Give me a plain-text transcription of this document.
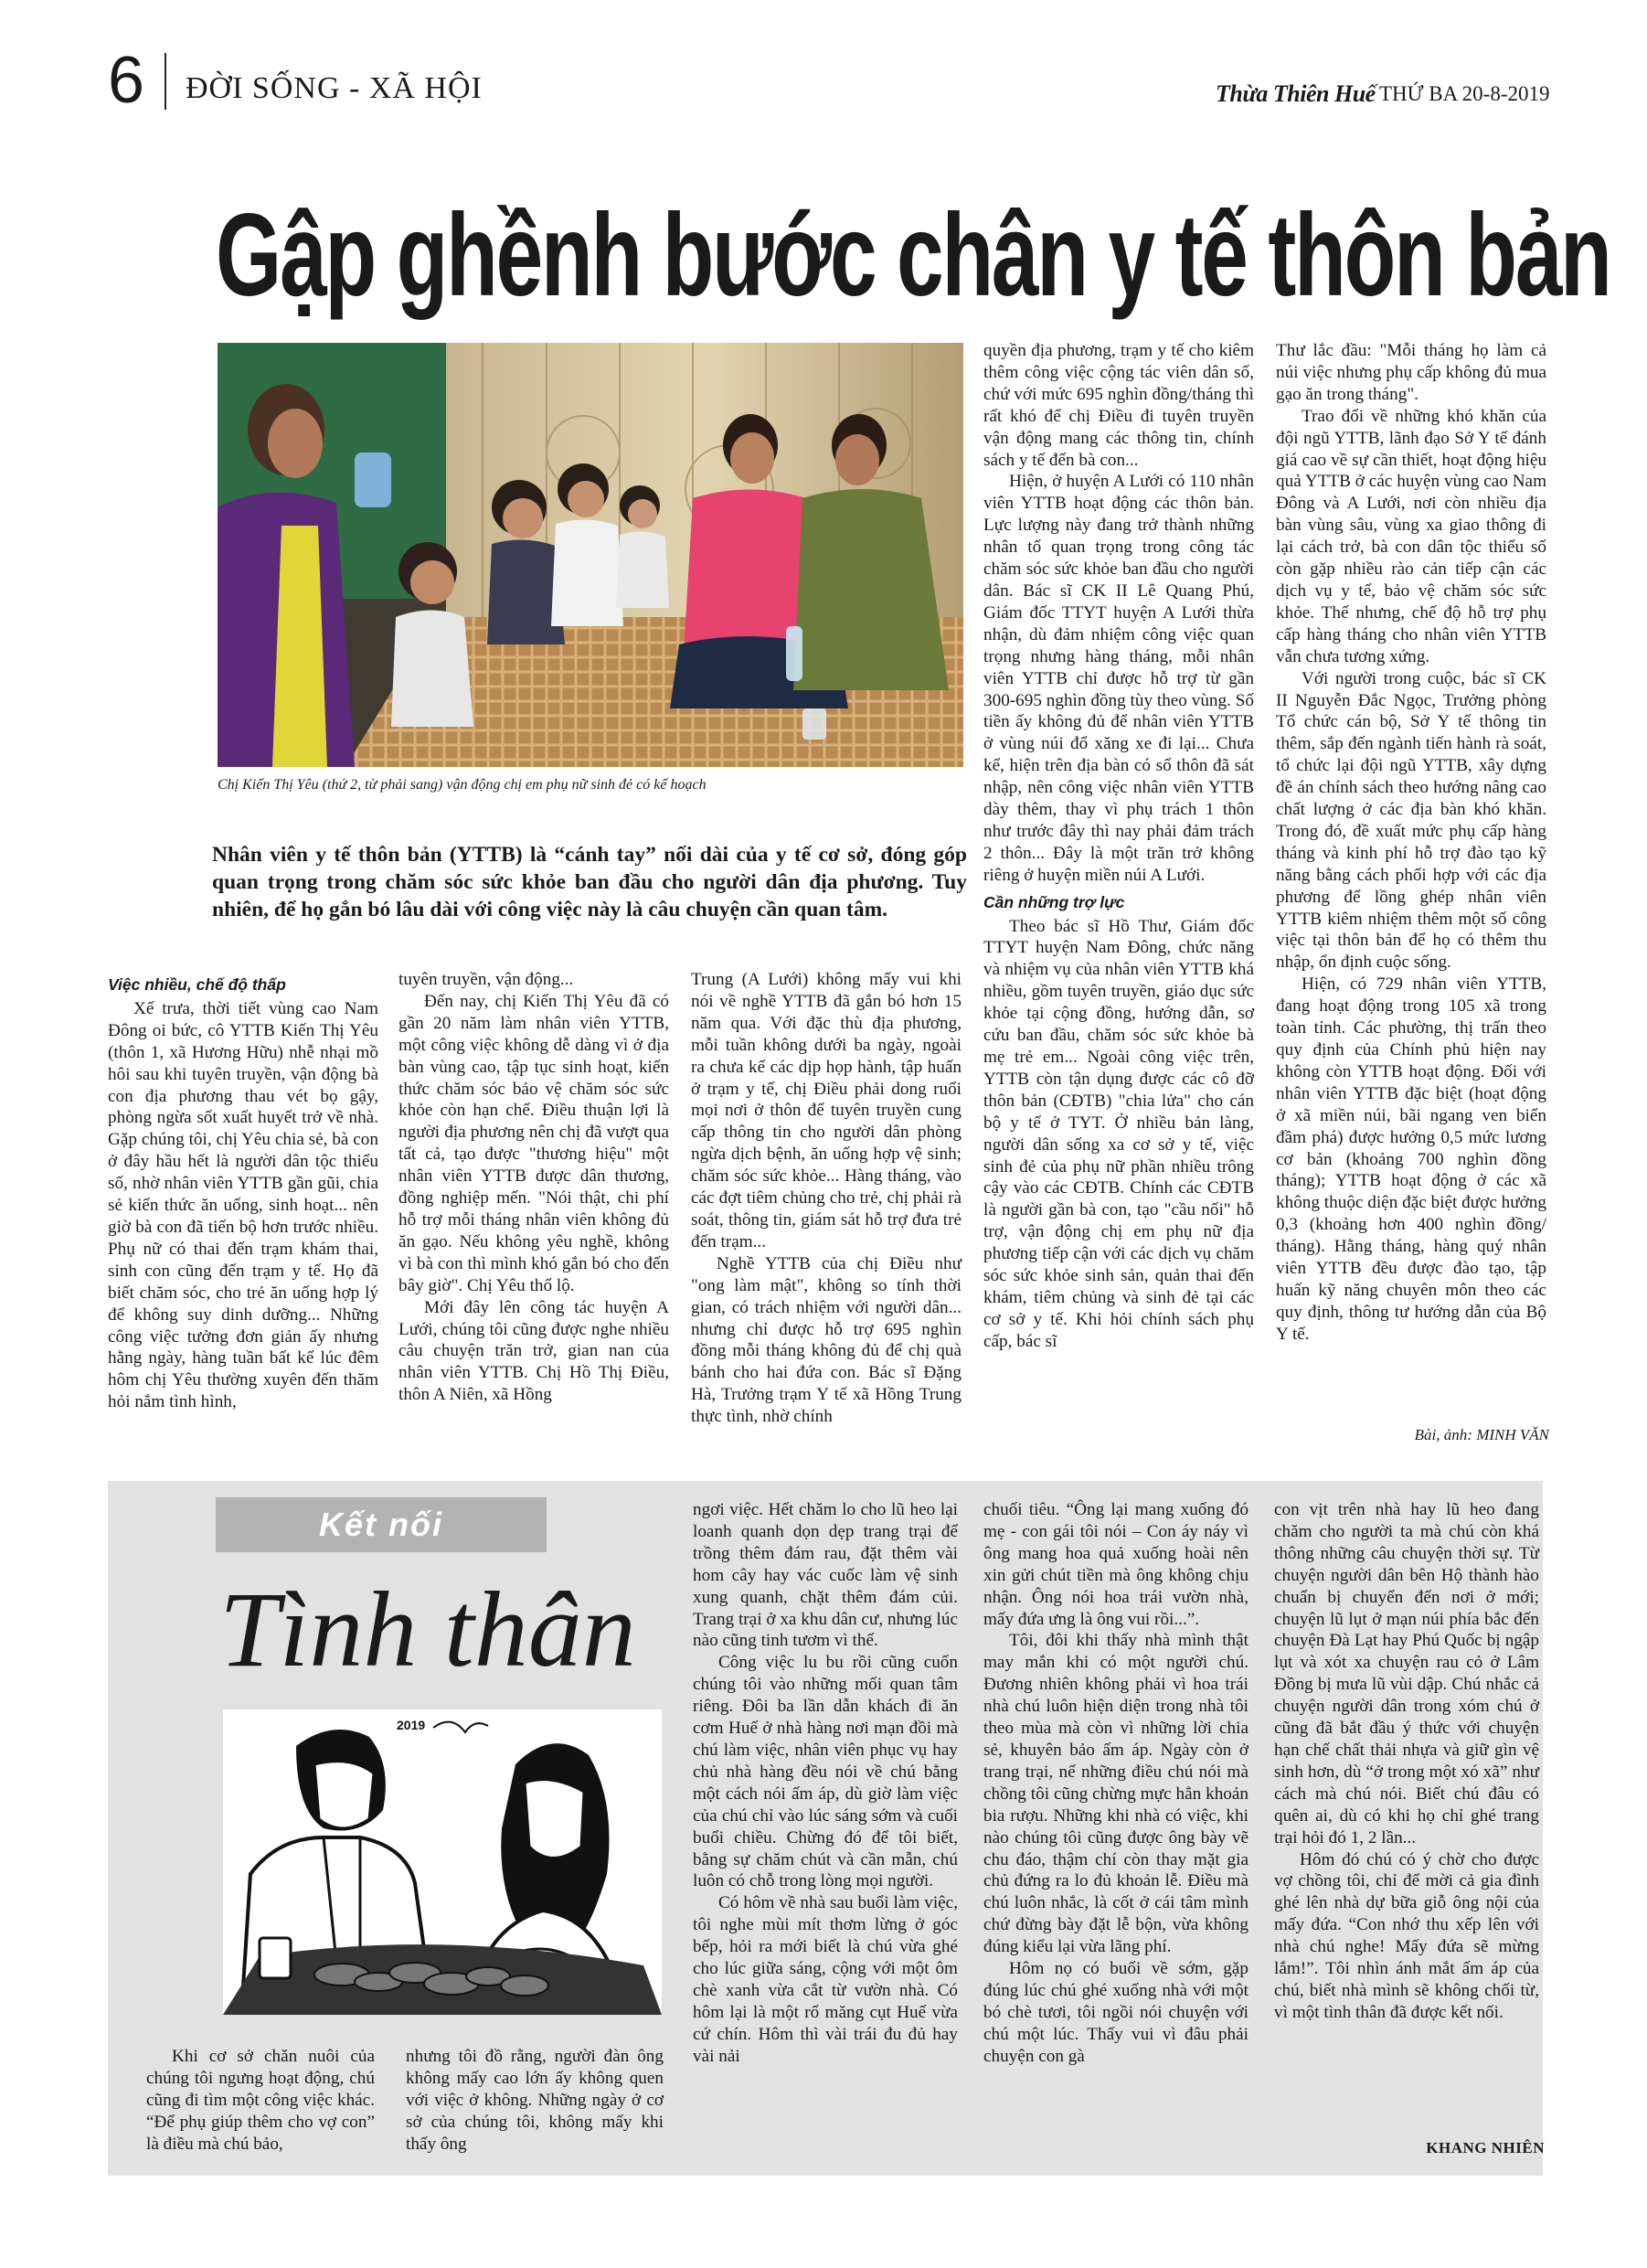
6 ĐỜI SỐNG - XÃ HỘI	Thừa Thiên Huế THỨ BA 20-8-2019
Gập ghềnh bước chân y tế thôn bản
Chị Kiến Thị Yêu (thứ 2, từ phải sang) vận động chị em phụ nữ sinh đẻ có kế hoạch
Nhân viên y tế thôn bản (YTTB) là “cánh tay” nối dài của y tế cơ sở, đóng góp quan trọng trong chăm sóc sức khỏe ban đầu cho người dân địa phương. Tuy nhiên, để họ gắn bó lâu dài với công việc này là câu chuyện cần quan tâm.

Việc nhiều, chế độ thấp

Xế trưa, thời tiết vùng cao Nam Đông oi bức, cô YTTB Kiến Thị Yêu (thôn 1, xã Hương Hữu) nhễ nhại mồ hôi sau khi tuyên truyền, vận động bà con địa phương thau vét bọ gậy, phòng ngừa sốt xuất huyết trở về nhà. Gặp chúng tôi, chị Yêu chia sẻ, bà con ở đây hầu hết là người dân tộc thiểu số, nhờ nhân viên YTTB gần gũi, chia sẻ kiến thức ăn uống, sinh hoạt... nên giờ bà con đã tiến bộ hơn trước nhiều. Phụ nữ có thai đến trạm khám thai, sinh con cũng đến trạm y tế. Họ đã biết chăm sóc, cho trẻ ăn uống hợp lý để không suy dinh dưỡng... Những công việc tưởng đơn giản ấy nhưng hằng ngày, hàng tuần bất kể lúc đêm hôm chị Yêu thường xuyên đến thăm hỏi nắm tình hình,

tuyên truyền, vận động...

Đến nay, chị Kiến Thị Yêu đã có gần 20 năm làm nhân viên YTTB, một công việc không dễ dàng vì ở địa bàn vùng cao, tập tục sinh hoạt, kiến thức chăm sóc bảo vệ chăm sóc sức khỏe còn hạn chế. Điều thuận lợi là người địa phương nên chị đã vượt qua tất cả, tạo được "thương hiệu" một nhân viên YTTB được dân thương, đồng nghiệp mến. "Nói thật, chi phí hỗ trợ mỗi tháng nhân viên không đủ ăn gạo. Nếu không yêu nghề, không vì bà con thì mình khó gắn bó cho đến bây giờ". Chị Yêu thổ lộ.

Mới đây lên công tác huyện A Lưới, chúng tôi cũng được nghe nhiều câu chuyện trăn trở, gian nan của nhân viên YTTB. Chị Hồ Thị Điều, thôn A Niên, xã Hồng

Trung (A Lưới) không mấy vui khi nói về nghề YTTB đã gắn bó hơn 15 năm qua. Với đặc thù địa phương, mỗi tuần không dưới ba ngày, ngoài ra chưa kể các dịp họp hành, tập huấn ở trạm y tế, chị Điều phải dong ruổi mọi nơi ở thôn để tuyên truyền cung cấp thông tin cho người dân phòng ngừa dịch bệnh, ăn uống hợp vệ sinh; chăm sóc sức khỏe... Hàng tháng, vào các đợt tiêm chủng cho trẻ, chị phải rà soát, thông tin, giám sát hỗ trợ đưa trẻ đến trạm...

Nghề YTTB của chị Điều như "ong làm mật", không so tính thời gian, có trách nhiệm với người dân... nhưng chỉ được hỗ trợ 695 nghìn đồng mỗi tháng không đủ để chị quà bánh cho hai đứa con. Bác sĩ Đặng Hà, Trưởng trạm Y tế xã Hồng Trung thực tình, nhờ chính

quyền địa phương, trạm y tế cho kiêm thêm công việc cộng tác viên dân số, chứ với mức 695 nghìn đồng/tháng thì rất khó để chị Điều đi tuyên truyền vận động mang các thông tin, chính sách y tế đến bà con...

Hiện, ở huyện A Lưới có 110 nhân viên YTTB hoạt động các thôn bản. Lực lượng này đang trở thành những nhân tố quan trọng trong công tác chăm sóc sức khỏe ban đầu cho người dân. Bác sĩ CK II Lê Quang Phú, Giám đốc TTYT huyện A Lưới thừa nhận, dù đảm nhiệm công việc quan trọng nhưng hàng tháng, mỗi nhân viên YTTB chỉ được hỗ trợ từ gần 300-695 nghìn đồng tùy theo vùng. Số tiền ấy không đủ để nhân viên YTTB ở vùng núi đổ xăng xe đi lại... Chưa kể, hiện trên địa bàn có số thôn đã sát nhập, nên công việc nhân viên YTTB dày thêm, thay vì phụ trách 1 thôn như trước đây thì nay phải đảm trách 2 thôn... Đây là một trăn trở không riêng ở huyện miền núi A Lưới.

Cần những trợ lực

Theo bác sĩ Hồ Thư, Giám đốc TTYT huyện Nam Đông, chức năng và nhiệm vụ của nhân viên YTTB khá nhiều, gồm tuyên truyền, giáo dục sức khỏe tại cộng đồng, hướng dẫn, sơ cứu ban đầu, chăm sóc sức khỏe bà mẹ trẻ em... Ngoài công việc trên, YTTB còn tận dụng được các cô đỡ thôn bản (CĐTB) "chia lửa" cho cán bộ y tế ở TYT. Ở nhiều bản làng, người dân sống xa cơ sở y tế, việc sinh đẻ của phụ nữ phần nhiều trông cậy vào các CĐTB. Chính các CĐTB là người gần bà con, tạo "cầu nối" hỗ trợ, vận động chị em phụ nữ địa phương tiếp cận với các dịch vụ chăm sóc sức khỏe sinh sản, quản thai đến khám, tiêm chủng và sinh đẻ tại các cơ sở y tế. Khi hỏi chính sách phụ cấp, bác sĩ

Thư lắc đầu: "Mỗi tháng họ làm cả núi việc nhưng phụ cấp không đủ mua gạo ăn trong tháng".

Trao đổi về những khó khăn của đội ngũ YTTB, lãnh đạo Sở Y tế đánh giá cao về sự cần thiết, hoạt động hiệu quả YTTB ở các huyện vùng cao Nam Đông và A Lưới, nơi còn nhiều địa bàn vùng sâu, vùng xa giao thông đi lại cách trở, bà con dân tộc thiểu số còn gặp nhiều rào cản tiếp cận các dịch vụ y tế, bảo vệ chăm sóc sức khỏe. Thế nhưng, chế độ hỗ trợ phụ cấp hàng tháng cho nhân viên YTTB vẫn chưa tương xứng.

Với người trong cuộc, bác sĩ CK II Nguyễn Đắc Ngọc, Trưởng phòng Tổ chức cán bộ, Sở Y tế thông tin thêm, sắp đến ngành tiến hành rà soát, tổ chức lại đội ngũ YTTB, xây dựng đề án chính sách theo hướng nâng cao chất lượng ở các địa bàn khó khăn. Trong đó, đề xuất mức phụ cấp hàng tháng và kinh phí hỗ trợ đào tạo kỹ năng bằng cách phối hợp với các địa phương để lồng ghép nhân viên YTTB kiêm nhiệm thêm một số công việc tại thôn bản để họ có thêm thu nhập, ổn định cuộc sống.

Hiện, có 729 nhân viên YTTB, đang hoạt động trong 105 xã trong toàn tỉnh. Các phường, thị trấn theo quy định của Chính phủ hiện nay không còn YTTB hoạt động. Đối với nhân viên YTTB đặc biệt (hoạt động ở xã miền núi, bãi ngang ven biển đầm phá) được hưởng 0,5 mức lương cơ bản (khoảng 700 nghìn đồng tháng); YTTB hoạt động ở các xã không thuộc diện đặc biệt được hưởng 0,3 (khoảng hơn 400 nghìn đồng/ tháng). Hằng tháng, hàng quý nhân viên YTTB đều được đào tạo, tập huấn kỹ năng chuyên môn theo các quy định, thông tư hướng dẫn của Bộ Y tế.

Bài, ảnh: MINH VĂN
Kết nối
Tình thân
2019

Khi cơ sở chăn nuôi của chúng tôi ngưng hoạt động, chú cũng đi tìm một công việc khác. “Để phụ giúp thêm cho vợ con” là điều mà chú bảo,

nhưng tôi đồ rằng, người đàn ông không mấy cao lớn ấy không quen với việc ở không. Những ngày ở cơ sở của chúng tôi, không mấy khi thấy ông

ngơi việc. Hết chăm lo cho lũ heo lại loanh quanh dọn dẹp trang trại để trồng thêm đám rau, đặt thêm vài hom cây hay vác cuốc làm vệ sinh xung quanh, chặt thêm đám củi. Trang trại ở xa khu dân cư, nhưng lúc nào cũng tinh tươm vì thế.

Công việc lu bu rồi cũng cuốn chúng tôi vào những mối quan tâm riêng. Đôi ba lần dẫn khách đi ăn cơm Huế ở nhà hàng nơi mạn đồi mà chú làm việc, nhân viên phục vụ hay chủ nhà hàng đều nói về chú bằng một cách nói ấm áp, dù giờ làm việc của chú chỉ vào lúc sáng sớm và cuối buổi chiều. Chừng đó để tôi biết, bằng sự chăm chút và cần mẫn, chú luôn có chỗ trong lòng mọi người.

Có hôm về nhà sau buổi làm việc, tôi nghe mùi mít thơm lừng ở góc bếp, hỏi ra mới biết là chú vừa ghé cho lúc giữa sáng, cộng với một ôm chè xanh vừa cắt từ vườn nhà. Có hôm lại là một rổ măng cụt Huế vừa cứ chín. Hôm thì vài trái đu đủ hay vài nải

chuối tiêu. “Ông lại mang xuống đó mẹ - con gái tôi nói – Con áy náy vì ông mang hoa quả xuống hoài nên xin gửi chút tiền mà ông không chịu nhận. Ông nói hoa trái vườn nhà, mấy đứa ưng là ông vui rồi...”.

Tôi, đôi khi thấy nhà mình thật may mắn khi có một người chú. Đương nhiên không phải vì hoa trái nhà chú luôn hiện diện trong nhà tôi theo mùa mà còn vì những lời chia sẻ, khuyên bảo ấm áp. Ngày còn ở trang trại, nể những điều chú nói mà chồng tôi cũng chừng mực hẳn khoản bia rượu. Những khi nhà có việc, khi nào chúng tôi cũng được ông bày vẽ chu đáo, thậm chí còn thay mặt gia chủ đứng ra lo đủ khoản lễ. Điều mà chú luôn nhắc, là cốt ở cái tâm mình chứ đừng bày đặt lễ bộn, vừa không đúng kiểu lại vừa lãng phí.

Hôm nọ có buổi về sớm, gặp đúng lúc chú ghé xuống nhà với một bó chè tươi, tôi ngồi nói chuyện với chú một lúc. Thấy vui vì đâu phải chuyện con gà

con vịt trên nhà hay lũ heo đang chăm cho người ta mà chú còn khá thông những câu chuyện thời sự. Từ chuyện người dân bên Hộ thành hào chuẩn bị chuyển đến nơi ở mới; chuyện lũ lụt ở mạn núi phía bắc đến chuyện Đà Lạt hay Phú Quốc bị ngập lụt và xót xa chuyện rau cỏ ở Lâm Đồng bị mưa lũ vùi dập. Chú nhắc cả chuyện người dân trong xóm chú ở cũng đã bắt đầu ý thức với chuyện hạn chế chất thải nhựa và giữ gìn vệ sinh hơn, dù “ở trong một xó xã” như cách mà chú nói. Biết chú đâu có quên ai, dù có khi họ chỉ ghé trang trại hỏi đó 1, 2 lần...

Hôm đó chú có ý chờ cho được vợ chồng tôi, chỉ để mời cả gia đình ghé lên nhà dự bữa giỗ ông nội của mấy đứa. “Con nhớ thu xếp lên với nhà chú nghe! Mấy đứa sẽ mừng lắm!”. Tôi nhìn ánh mắt ấm áp của chú, biết nhà mình sẽ không chối từ, vì một tình thân đã được kết nối.

KHANG NHIÊN
